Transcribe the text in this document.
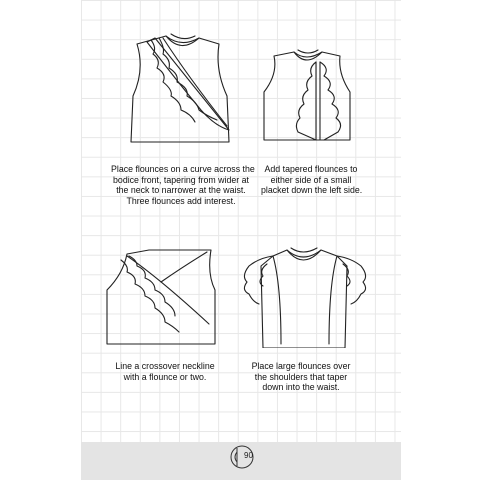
Place flounces on a curve across the
bodice front, tapering from wider at
the neck to narrower at the waist.
Three flounces add interest.
Add tapered flounces to
either side of a small
placket down the left side.
Line a crossover neckline
with a flounce or two.
Place large flounces over
the shoulders that taper
down into the waist.
90
